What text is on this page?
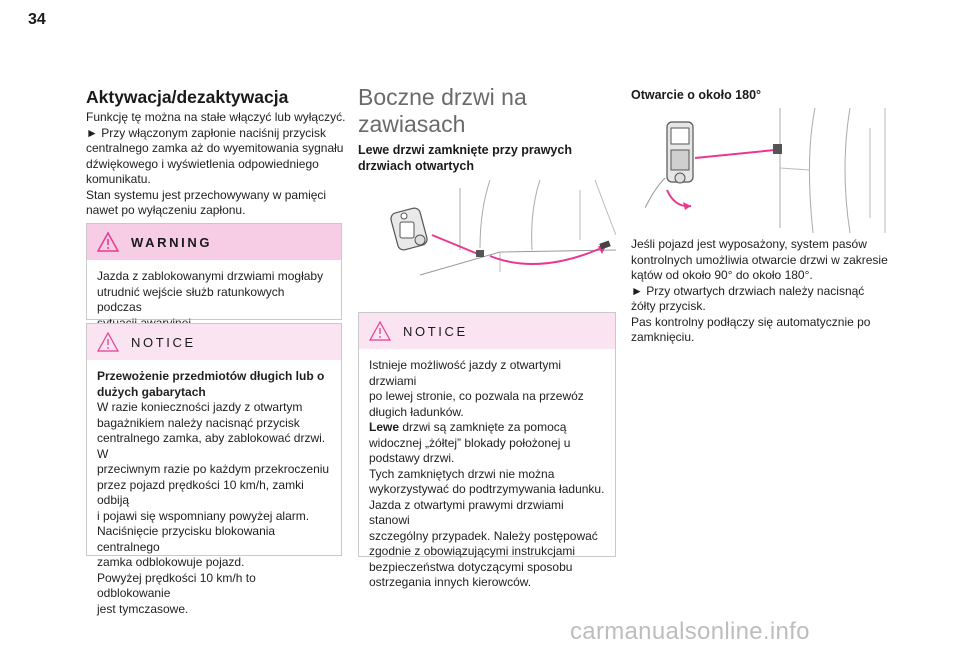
34
Aktywacja/dezaktywacja
Funkcję tę można na stałe włączyć lub wyłączyć.
► Przy włączonym zapłonie naciśnij przycisk
centralnego zamka aż do wyemitowania sygnału
dźwiękowego i wyświetlenia odpowiedniego
komunikatu.
Stan systemu jest przechowywany w pamięci
nawet po wyłączeniu zapłonu.
WARNING
Jazda z zablokowanymi drzwiami mogłaby
utrudnić wejście służb ratunkowych podczas
NOTICE
Przewożenie przedmiotów długich lub o
dużych gabarytach
W razie konieczności jazdy z otwartym
bagażnikiem należy nacisnąć przycisk
centralnego zamka, aby zablokować drzwi. W
przeciwnym razie po każdym przekroczeniu
przez pojazd prędkości 10 km/h, zamki odbiją
i pojawi się wspomniany powyżej alarm.
Naciśnięcie przycisku blokowania centralnego
zamka odblokowuje pojazd.
Powyżej prędkości 10 km/h to odblokowanie
jest tymczasowe.
Boczne drzwi na
zawiasach
Lewe drzwi zamknięte przy prawych
drzwiach otwartych
NOTICE
Istnieje możliwość jazdy z otwartymi drzwiami
po lewej stronie, co pozwala na przewóz
długich ładunków.
Lewe drzwi są zamknięte za pomocą
widocznej „żółtej” blokady położonej u
podstawy drzwi.
Tych zamkniętych drzwi nie można
wykorzystywać do podtrzymywania ładunku.
Jazda z otwartymi prawymi drzwiami stanowi
szczególny przypadek. Należy postępować
zgodnie z obowiązującymi instrukcjami
bezpieczeństwa dotyczącymi sposobu
ostrzegania innych kierowców.
Otwarcie o około 180°
Jeśli pojazd jest wyposażony, system pasów
kontrolnych umożliwia otwarcie drzwi w zakresie
kątów od około 90° do około 180°.
► Przy otwartych drzwiach należy nacisnąć
żółty przycisk.
Pas kontrolny podłączy się automatycznie po
zamknięciu.
carmanualsonline.info
